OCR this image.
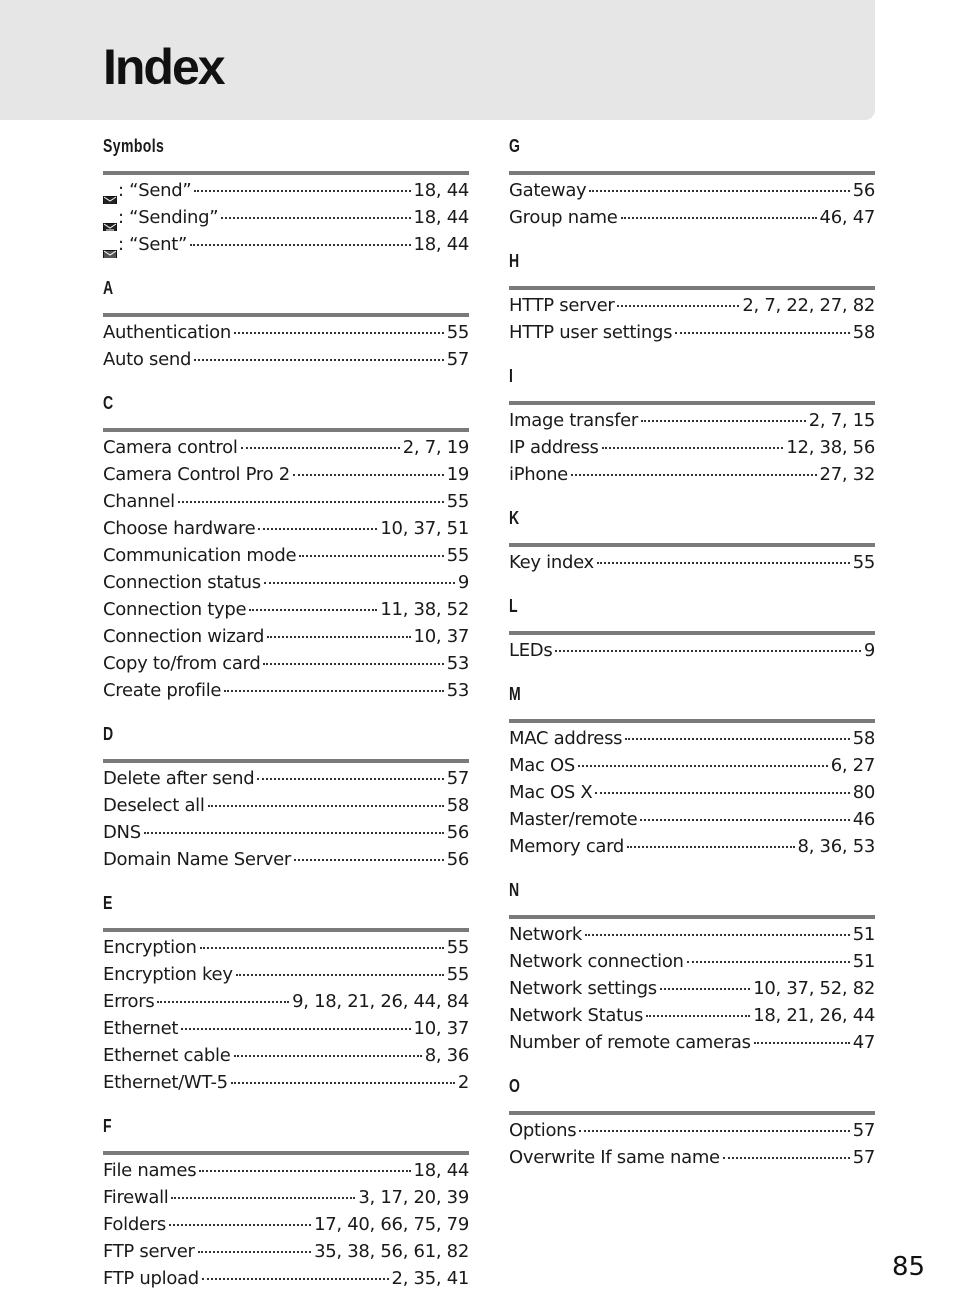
Index
Symbols
: “Send”	18, 44
: “Sending”	18, 44
: “Sent”	18, 44
A
Authentication	55
Auto send	57
C
Camera control	2, 7, 19
Camera Control Pro 2	19
Channel	55
Choose hardware	10, 37, 51
Communication mode	55
Connection status	9
Connection type	11, 38, 52
Connection wizard	10, 37
Copy to/from card	53
Create profile	53
D
Delete after send	57
Deselect all	58
DNS	56
Domain Name Server	56
E
Encryption	55
Encryption key	55
Errors	9, 18, 21, 26, 44, 84
Ethernet	10, 37
Ethernet cable	8, 36
Ethernet/WT-5	2
F
File names	18, 44
Firewall	3, 17, 20, 39
Folders	17, 40, 66, 75, 79
FTP server	35, 38, 56, 61, 82
FTP upload	2, 35, 41
G
Gateway	56
Group name	46, 47
H
HTTP server	2, 7, 22, 27, 82
HTTP user settings	58
I
Image transfer	2, 7, 15
IP address	12, 38, 56
iPhone	27, 32
K
Key index	55
L
LEDs	9
M
MAC address	58
Mac OS	6, 27
Mac OS X	80
Master/remote	46
Memory card	8, 36, 53
N
Network	51
Network connection	51
Network settings	10, 37, 52, 82
Network Status	18, 21, 26, 44
Number of remote cameras	47
O
Options	57
Overwrite If same name	57
85
